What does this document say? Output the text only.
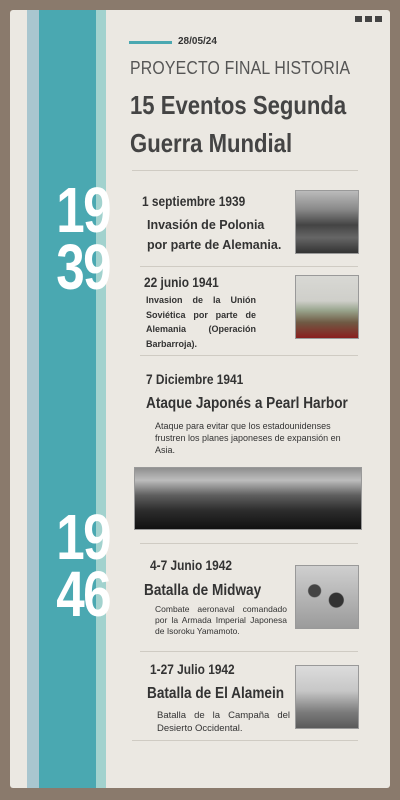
28/05/24
PROYECTO FINAL HISTORIA
15 Eventos Segunda Guerra Mundial
19
39
19
46
1 septiembre 1939
Invasión de Polonia por parte de Alemania.
22 junio 1941
Invasion de la Unión Soviética por parte de Alemania (Operación Barbarroja).
7 Diciembre 1941
Ataque Japonés a Pearl Harbor
Ataque para evitar que los estadounidenses frustren los planes japoneses de expansión en Asia.
4-7 Junio 1942
Batalla de Midway
Combate aeronaval comandado por la Armada Imperial Japonesa de Isoroku Yamamoto.
1-27 Julio 1942
Batalla de El Alamein
Batalla de la Campaña del Desierto Occidental.
